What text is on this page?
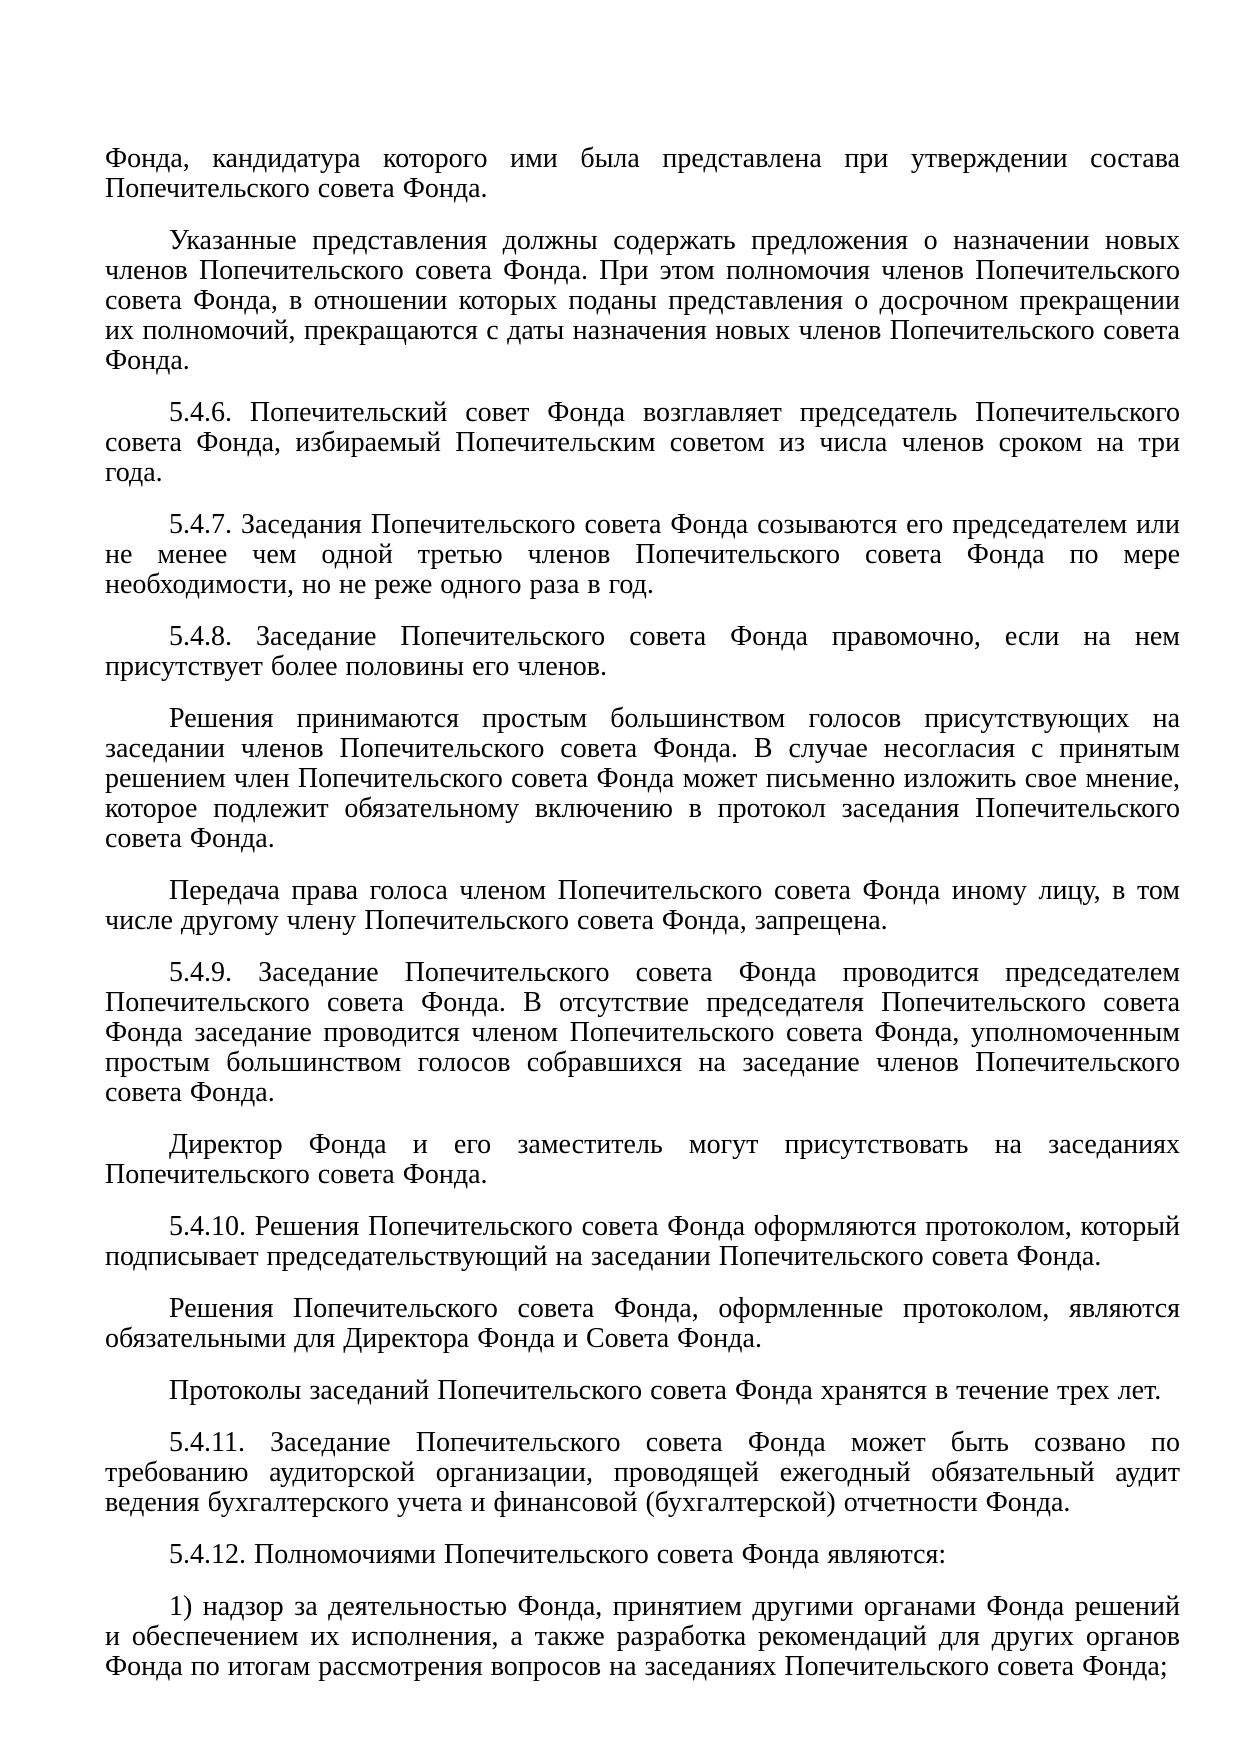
Фонда, кандидатура которого ими была представлена при утверждении состава Попечительского совета Фонда.

Указанные представления должны содержать предложения о назначении новых членов Попечительского совета Фонда. При этом полномочия членов Попечительского совета Фонда, в отношении которых поданы представления о досрочном прекращении их полномочий, прекращаются с даты назначения новых членов Попечительского совета Фонда.

5.4.6. Попечительский совет Фонда возглавляет председатель Попечительского совета Фонда, избираемый Попечительским советом из числа членов сроком на три года.

5.4.7. Заседания Попечительского совета Фонда созываются его председателем или не менее чем одной третью членов Попечительского совета Фонда по мере необходимости, но не реже одного раза в год.

5.4.8. Заседание Попечительского совета Фонда правомочно, если на нем присутствует более половины его членов.

Решения принимаются простым большинством голосов присутствующих на заседании членов Попечительского совета Фонда. В случае несогласия с принятым решением член Попечительского совета Фонда может письменно изложить свое мнение, которое подлежит обязательному включению в протокол заседания Попечительского совета Фонда.

Передача права голоса членом Попечительского совета Фонда иному лицу, в том числе другому члену Попечительского совета Фонда, запрещена.

5.4.9. Заседание Попечительского совета Фонда проводится председателем Попечительского совета Фонда. В отсутствие председателя Попечительского совета Фонда заседание проводится членом Попечительского совета Фонда, уполномоченным простым большинством голосов собравшихся на заседание членов Попечительского совета Фонда.

Директор Фонда и его заместитель могут присутствовать на заседаниях Попечительского совета Фонда.

5.4.10. Решения Попечительского совета Фонда оформляются протоколом, который подписывает председательствующий на заседании Попечительского совета Фонда.

Решения Попечительского совета Фонда, оформленные протоколом, являются обязательными для Директора Фонда и Совета Фонда.

Протоколы заседаний Попечительского совета Фонда хранятся в течение трех лет.

5.4.11. Заседание Попечительского совета Фонда может быть созвано по требованию аудиторской организации, проводящей ежегодный обязательный аудит ведения бухгалтерского учета и финансовой (бухгалтерской) отчетности Фонда.

5.4.12. Полномочиями Попечительского совета Фонда являются:

1) надзор за деятельностью Фонда, принятием другими органами Фонда решений и обеспечением их исполнения, а также разработка рекомендаций для других органов Фонда по итогам рассмотрения вопросов на заседаниях Попечительского совета Фонда;
